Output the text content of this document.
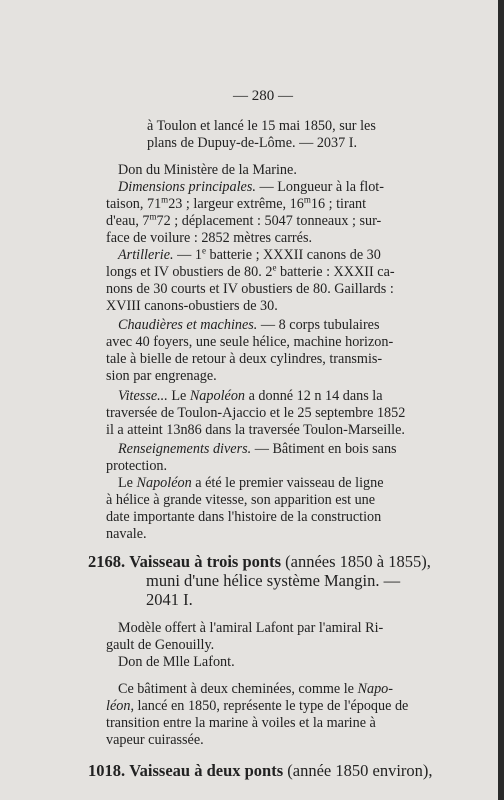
— 280 —
à Toulon et lancé le 15 mai 1850, sur les
plans de Dupuy-de-Lôme. — 2037 I.
Don du Ministère de la Marine.
Dimensions principales. — Longueur à la flot-
taison, 71$^m$23 ; largeur extrême, 16$^m$16 ; tirant
d'eau, 7$^m$72 ; déplacement : 5047 tonneaux ; sur-
face de voilure : 2852 mètres carrés.
Artillerie. — 1e batterie ; XXXII canons de 30
longs et IV obustiers de 80. 2e batterie : XXXII ca-
nons de 30 courts et IV obustiers de 80. Gaillards :
XVIII canons-obustiers de 30.
Chaudières et machines. — 8 corps tubulaires
avec 40 foyers, une seule hélice, machine horizon-
tale à bielle de retour à deux cylindres, transmis-
sion par engrenage.
Vitesse... Le Napoléon a donné 12 n 14 dans la
traversée de Toulon-Ajaccio et le 25 septembre 1852
il a atteint 13n86 dans la traversée Toulon-Marseille.
Renseignements divers. — Bâtiment en bois sans
protection.
Le Napoléon a été le premier vaisseau de ligne
à hélice à grande vitesse, son apparition est une
date importante dans l'histoire de la construction
navale.
2168. Vaisseau à trois ponts (années 1850 à 1855),
muni d'une hélice système Mangin. —
2041 I.
Modèle offert à l'amiral Lafont par l'amiral Ri-
gault de Genouilly.
Don de Mlle Lafont.
Ce bâtiment à deux cheminées, comme le Napo-
léon, lancé en 1850, représente le type de l'époque de
transition entre la marine à voiles et la marine à
vapeur cuirassée.
1018. Vaisseau à deux ponts (année 1850 environ),
